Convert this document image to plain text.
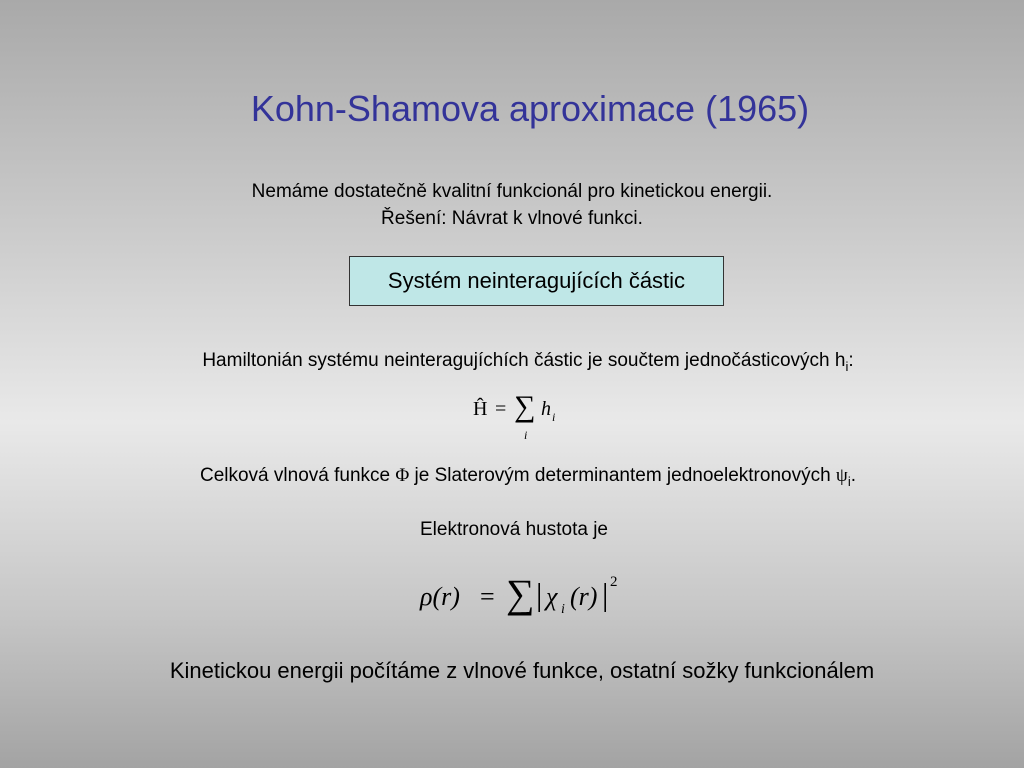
Kohn-Shamova aproximace (1965)
Nemáme dostatečně kvalitní funkcionál pro kinetickou energii.
Řešení: Návrat k vlnové funkci.
Systém neinteragujících částic
Hamiltonián systému neinteragujíchích částic je součtem jednočásticových $h_i$:
Ĥ = ∑
i
h i
Celková vlnová funkce Φ je Slaterovým determinantem jednoelektronových $\psi_i$.
Elektronová hustota je
ρ(r) = ∑ | χ i (r) | 2
Kinetickou energii počítáme z vlnové funkce, ostatní sožky funkcionálem
